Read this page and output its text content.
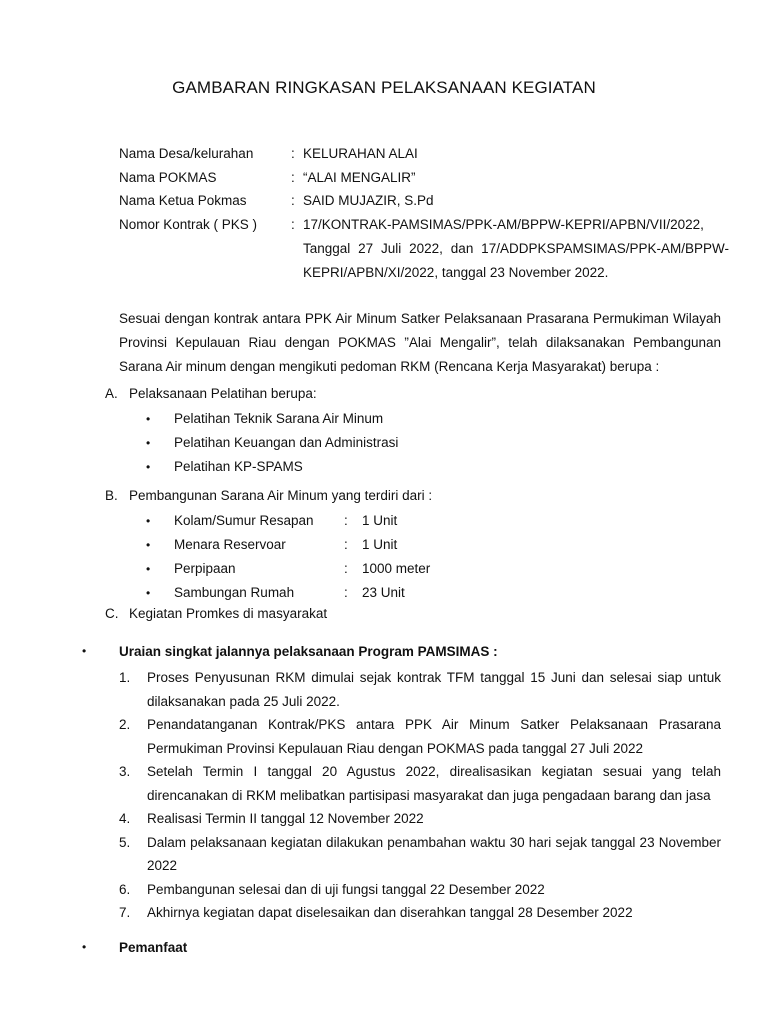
GAMBARAN RINGKASAN PELAKSANAAN KEGIATAN
Nama Desa/kelurahan	: KELURAHAN ALAI
Nama POKMAS	: “ALAI MENGALIR”
Nama Ketua Pokmas	: SAID MUJAZIR, S.Pd
Nomor Kontrak ( PKS )	: 17/KONTRAK-PAMSIMAS/PPK-AM/BPPW-KEPRI/APBN/VII/2022, Tanggal 27 Juli 2022, dan 17/ADDPKSPAMSIMAS/PPK-AM/BPPW-KEPRI/APBN/XI/2022, tanggal 23 November 2022.
Sesuai dengan kontrak antara PPK Air Minum Satker Pelaksanaan Prasarana Permukiman Wilayah Provinsi Kepulauan Riau dengan POKMAS ”Alai Mengalir”, telah dilaksanakan Pembangunan Sarana Air minum dengan mengikuti pedoman RKM (Rencana Kerja Masyarakat) berupa :
A. Pelaksanaan Pelatihan berupa:
•	Pelatihan Teknik Sarana Air Minum
•	Pelatihan Keuangan dan Administrasi
•	Pelatihan KP-SPAMS
B. Pembangunan Sarana Air Minum yang terdiri dari :
•	Kolam/Sumur Resapan	:	1 Unit
•	Menara Reservoar	:	1 Unit
•	Perpipaan	:	1000 meter
•	Sambungan Rumah	:	23 Unit
C. Kegiatan Promkes di masyarakat
•	Uraian singkat jalannya pelaksanaan Program PAMSIMAS :
1.	Proses Penyusunan RKM dimulai sejak kontrak TFM tanggal 15 Juni dan selesai siap untuk dilaksanakan pada 25 Juli 2022.
2.	Penandatanganan Kontrak/PKS antara PPK Air Minum Satker Pelaksanaan Prasarana Permukiman Provinsi Kepulauan Riau dengan POKMAS pada tanggal 27 Juli 2022
3.	Setelah Termin I tanggal 20 Agustus 2022, direalisasikan kegiatan sesuai yang telah direncanakan di RKM melibatkan partisipasi masyarakat dan juga pengadaan barang dan jasa
4.	Realisasi Termin II tanggal 12 November 2022
5.	Dalam pelaksanaan kegiatan dilakukan penambahan waktu 30 hari sejak tanggal 23 November 2022
6.	Pembangunan selesai dan di uji fungsi tanggal 22 Desember 2022
7.	Akhirnya kegiatan dapat diselesaikan dan diserahkan tanggal 28 Desember 2022
•	Pemanfaat
